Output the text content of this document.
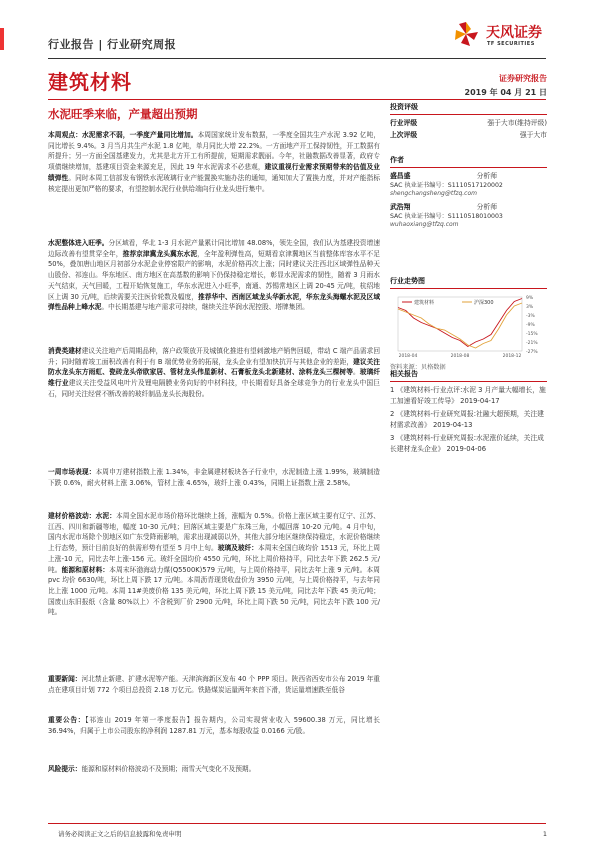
行业报告 | 行业研究周报
天风证券
TF SECURITIES
建筑材料	证券研究报告
2019 年 04 月 21 日
水泥旺季来临，产量超出预期

本周观点：水泥需求不弱，一季度产量同比增加。本周国家统计发布数据，一季度全国共生产水泥 3.92 亿吨，同比增长 9.4%。3 月当月共生产水泥 1.8 亿吨，单月同比大增 22.2%。一方面地产开工保持韧性，开工数据有所提升；另一方面全国基建发力，尤其是北方开工有所提前，短期需求靓丽。今年，社融数据改善显著，政府专项债继续增加，基建项目资金来源充足，因此 19 年水泥需求不必悲观，建议重视行业需求预期带来的估值及业绩弹性。同时本周工信部发布钢铁水泥玻璃行业产能置换实施办法的通知，通知加大了置换力度，并对产能指标核定提出更加严格的要求，有望控制水泥行业供给端向行业龙头进行集中。

水泥整体进入旺季。分区域看，华北 1-3 月水泥产量累计同比增加 48.08%，领先全国，我们认为基建投资增速边际改善有望贯穿全年，推荐京津冀龙头冀东水泥，全年盈利弹性高，短期看京津冀地区当前整体库容水平不足 50%，叠加唐山地区月初部分水泥企业停窑限产的影响，水泥价格再次上涨；同时建议关注西北区域弹性品种天山股份、祁连山。华东地区、南方地区在高基数的影响下仍保持稳定增长，彰显水泥需求的韧性，随着 3 月雨水天气结束，天气回暖，工程开始恢复施工，华东水泥进入小旺季，南通、苏锡常地区上调 20-45 元/吨，杭绍地区上调 30 元/吨，后续需要关注医价轮数及幅度，推荐华中、西南区域龙头华新水泥，华东龙头海螺水泥及区域弹性品种上峰水泥。中长期基建与地产需求可持续，继续关注华润水泥控股、塔牌集团。

消费类建材建议关注地产后周期品种，落户政策放开及城镇化推进有望刺激地产销售回暖，带动 C 端产品需求回升；同时随着竣工面积改善有利于有 B 端优势业务的拓展，龙头企业有望加快抗开与其他企业的差距，建议关注防水龙头东方雨虹、瓷砖龙头帝欧家居、管材龙头伟星新材、石膏板龙头北新建材、涂料龙头三棵树等。玻璃纤维行业建议关注受益风电叶片及锂电隔膜业务向好的中材科技，中长期看好具备全球竞争力的行业龙头中国巨石，同时关注经营不断改善的玻纤制品龙头长海股份。

一周市场表现：本周申万建材指数上涨 1.34%，非金属建材板块各子行业中，水泥制造上涨 1.99%，玻璃制造下跌 0.6%，耐火材料上涨 3.06%，管材上涨 4.65%，玻纤上涨 0.43%，同期上证指数上涨 2.58%。

建材价格波动：水泥：本周全国水泥市场价格环比继续上扬，涨幅为 0.5%。价格上涨区域主要有辽宁、江苏、江西、四川和新疆等地，幅度 10-30 元/吨；回落区域主要是广东珠三角，小幅回落 10-20 元/吨。4 月中旬，国内水泥市场除个别地区如广东受降雨影响，需求出现减弱以外，其他大部分地区继续保持稳定，水泥价格继续上行态势，预计目前良好的供需形势有望至 5 月中上旬。玻璃及玻纤：本周末全国白玻均价 1513 元，环比上周上涨-10 元，同比去年上涨-156 元。玻纤全国均价 4550 元/吨，环比上周价格持平，同比去年下跌 262.5 元/吨。能源和原材料：本周末环渤海动力煤(Q5500K)579 元/吨，与上周价格持平，同比去年上涨 9 元/吨。本周 pvc 均价 6630/吨，环比上周下跌 17 元/吨。本周沥青现货收盘价为 3950 元/吨，与上周价格持平，与去年同比上涨 1000 元/吨。本周 11#美废价格 135 美元/吨，环比上周下跌 15 美元/吨，同比去年下跌 45 美元/吨；国废山东旧报纸（含量 80%以上）不含税到厂价 2900 元/吨，环比上周下跌 50 元/吨，同比去年下跌 100 元/吨。

重要新闻：河北禁止新建、扩建水泥等产能。天津滨海新区发布 40 个 PPP 项目。陕西省西安市公布 2019 年重点在建项目计划 772 个项目总投资 2.18 万亿元。铁路煤炭运量两年来首下滑，货运量增速跌至低谷

重要公告：【祁连山 2019 年第一季度报告】报告期内，公司实现营业收入 59600.38 万元，同比增长 36.94%，归属于上市公司股东的净利润 1287.81 万元，基本每股收益 0.0166 元/股。

风险提示：能源和原材料价格波动不及预期；雨雪天气变化不及预期。

投资评级
行业评级	强于大市(维持评级)
上次评级	强于大市
作者
盛昌盛	分析师
SAC 执业证书编号：S1110517120002
shengchangsheng@tfzq.com
武浩翔	分析师
SAC 执业证书编号：S1110518010003
wuhaoxiang@tfzq.com
行业走势图
9%
3%
-3%
-9%
-15%
-21%
-27%
2018-04	2018-08	2018-12
建筑材料	沪深300
资料来源：贝格数据
相关报告
1 《建筑材料-行业点评:水泥 3 月产量大幅增长，施工加速看好竣工传导》 2019-04-17
2 《建筑材料-行业研究周报:社融大超预期，关注建材需求改善》 2019-04-13
3 《建筑材料-行业研究周报:水泥涨价延续，关注成长建材龙头企业》 2019-04-06
请务必阅读正文之后的信息披露和免责申明	1
